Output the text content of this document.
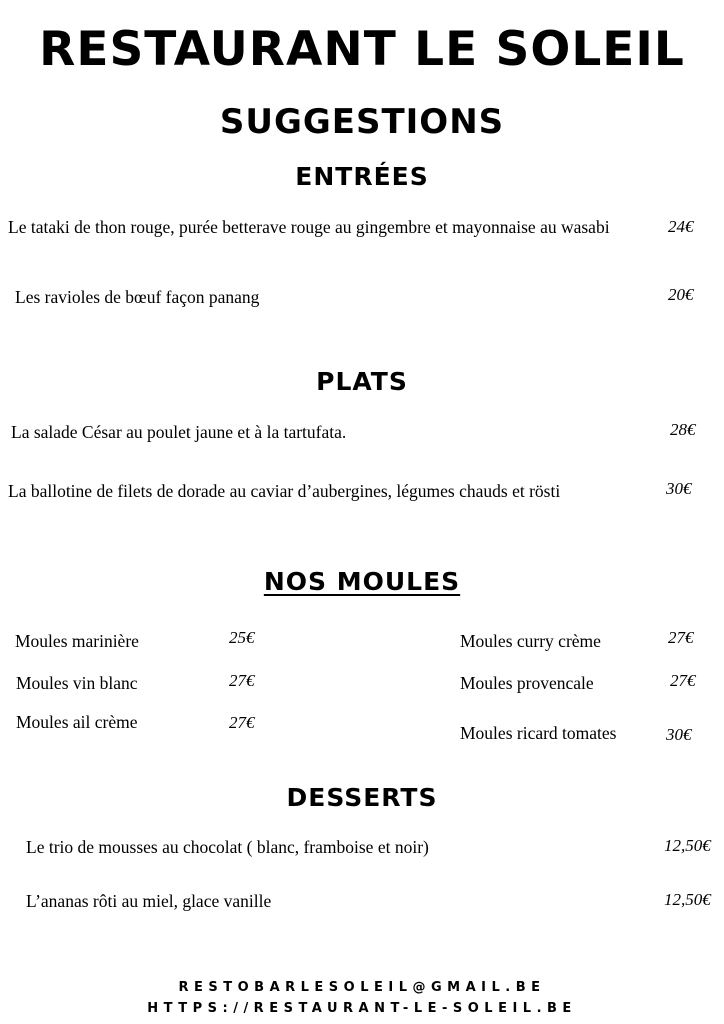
RESTAURANT LE SOLEIL
SUGGESTIONS
ENTRÉES
Le tataki de thon rouge, purée betterave rouge au gingembre et mayonnaise au wasabi	24€
Les ravioles de bœuf façon panang	20€
PLATS
La salade César au poulet jaune et à la tartufata.	28€
La ballotine de filets de dorade au caviar d’aubergines, légumes chauds et rösti	30€
NOS MOULES
Moules marinière	25€
Moules vin blanc	27€
Moules ail crème	27€
Moules curry crème	27€
Moules provencale	27€
Moules ricard tomates	30€
DESSERTS
Le trio de mousses au chocolat ( blanc, framboise et noir)	12,50€
L’ananas rôti au miel, glace vanille	12,50€
RESTOBARLESOLEIL@GMAIL.BE
HTTPS://RESTAURANT-LE-SOLEIL.BE
